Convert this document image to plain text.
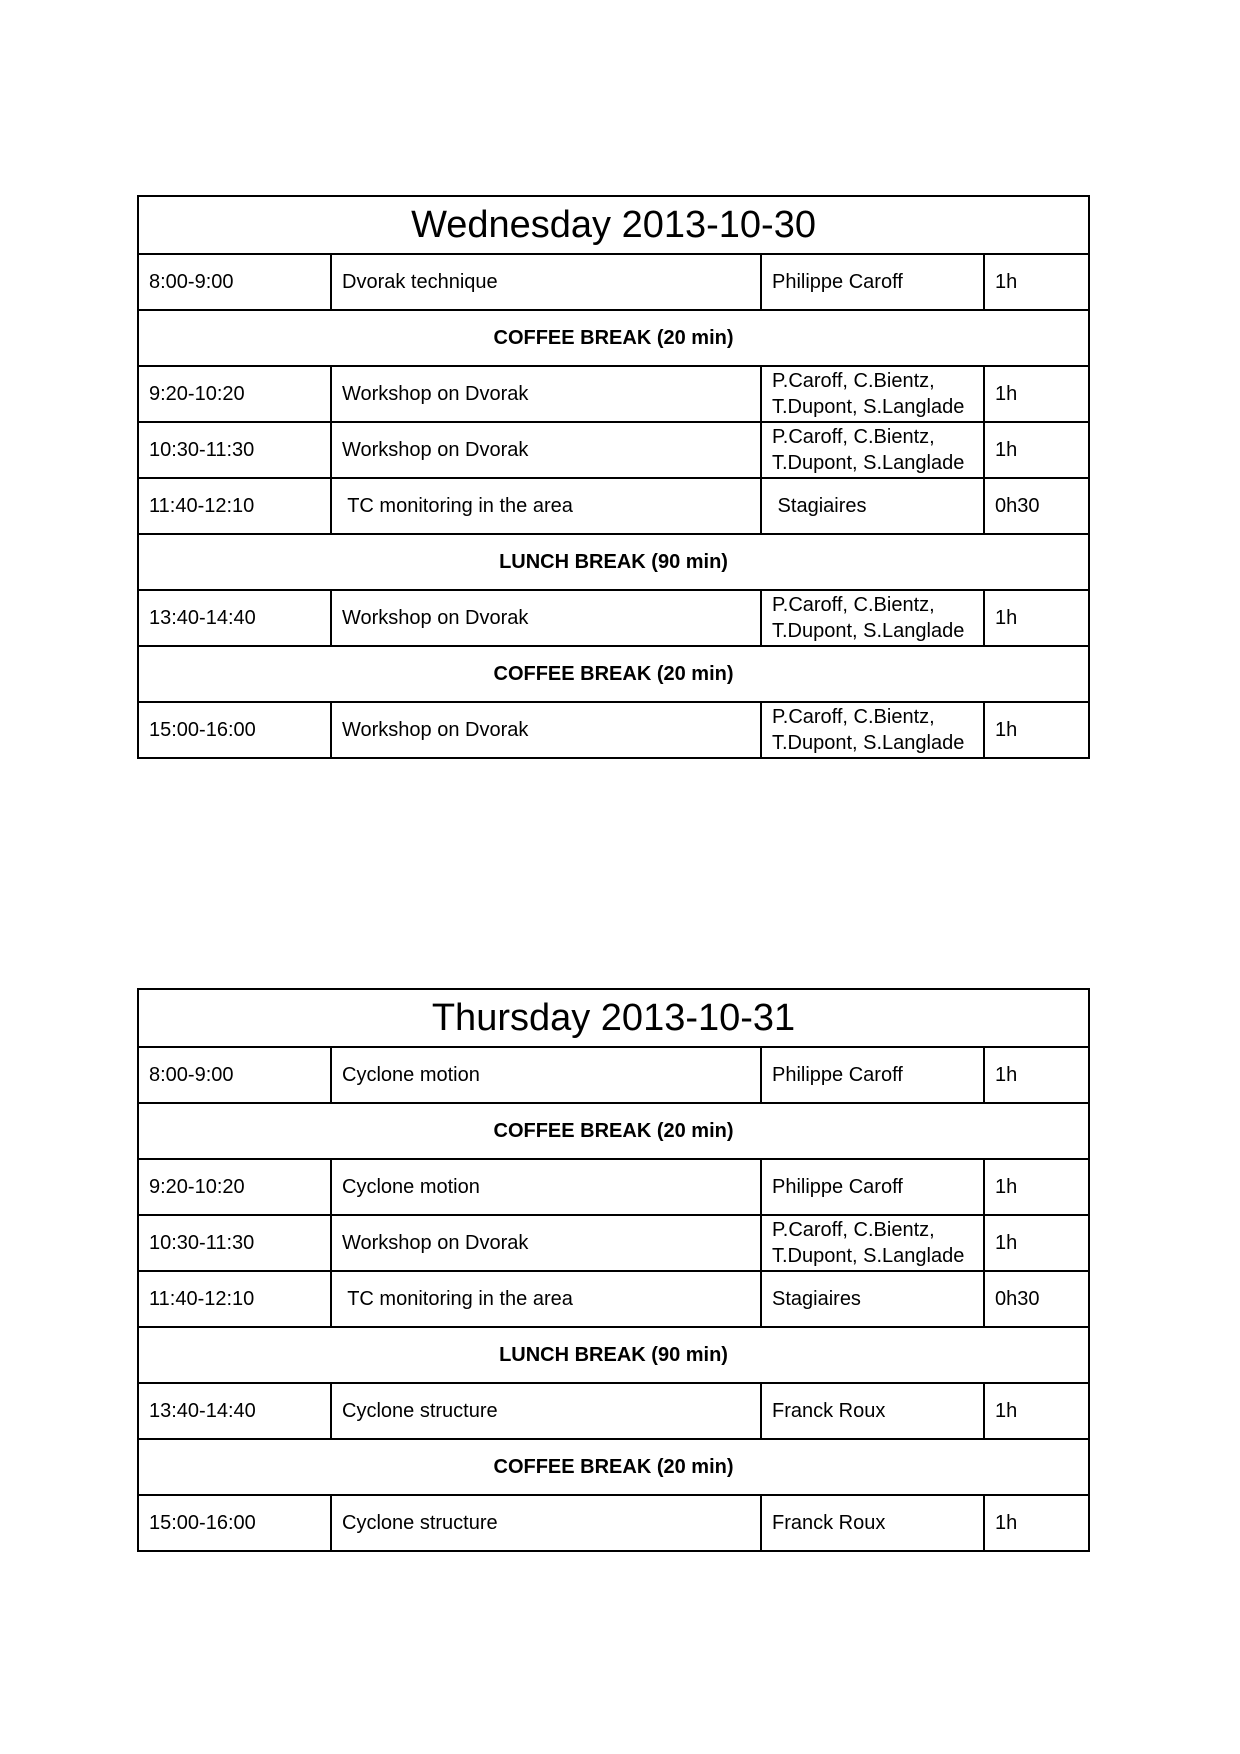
Wednesday 2013-10-30			
8:00-9:00	Dvorak technique	Philippe Caroff	1h
COFFEE BREAK (20 min)			
9:20-10:20	Workshop on Dvorak	P.Caroff, C.Bientz,
T.Dupont, S.Langlade	1h
10:30-11:30	Workshop on Dvorak	P.Caroff, C.Bientz,
T.Dupont, S.Langlade	1h
11:40-12:10	TC monitoring in the area	Stagiaires	0h30
LUNCH BREAK (90 min)			
13:40-14:40	Workshop on Dvorak	P.Caroff, C.Bientz,
T.Dupont, S.Langlade	1h
COFFEE BREAK (20 min)			
15:00-16:00	Workshop on Dvorak	P.Caroff, C.Bientz,
T.Dupont, S.Langlade	1h
Thursday 2013-10-31			
8:00-9:00	Cyclone motion	Philippe Caroff	1h
COFFEE BREAK (20 min)			
9:20-10:20	Cyclone motion	Philippe Caroff	1h
10:30-11:30	Workshop on Dvorak	P.Caroff, C.Bientz,
T.Dupont, S.Langlade	1h
11:40-12:10	TC monitoring in the area	Stagiaires	0h30
LUNCH BREAK (90 min)			
13:40-14:40	Cyclone structure	Franck Roux	1h
COFFEE BREAK (20 min)			
15:00-16:00	Cyclone structure	Franck Roux	1h
